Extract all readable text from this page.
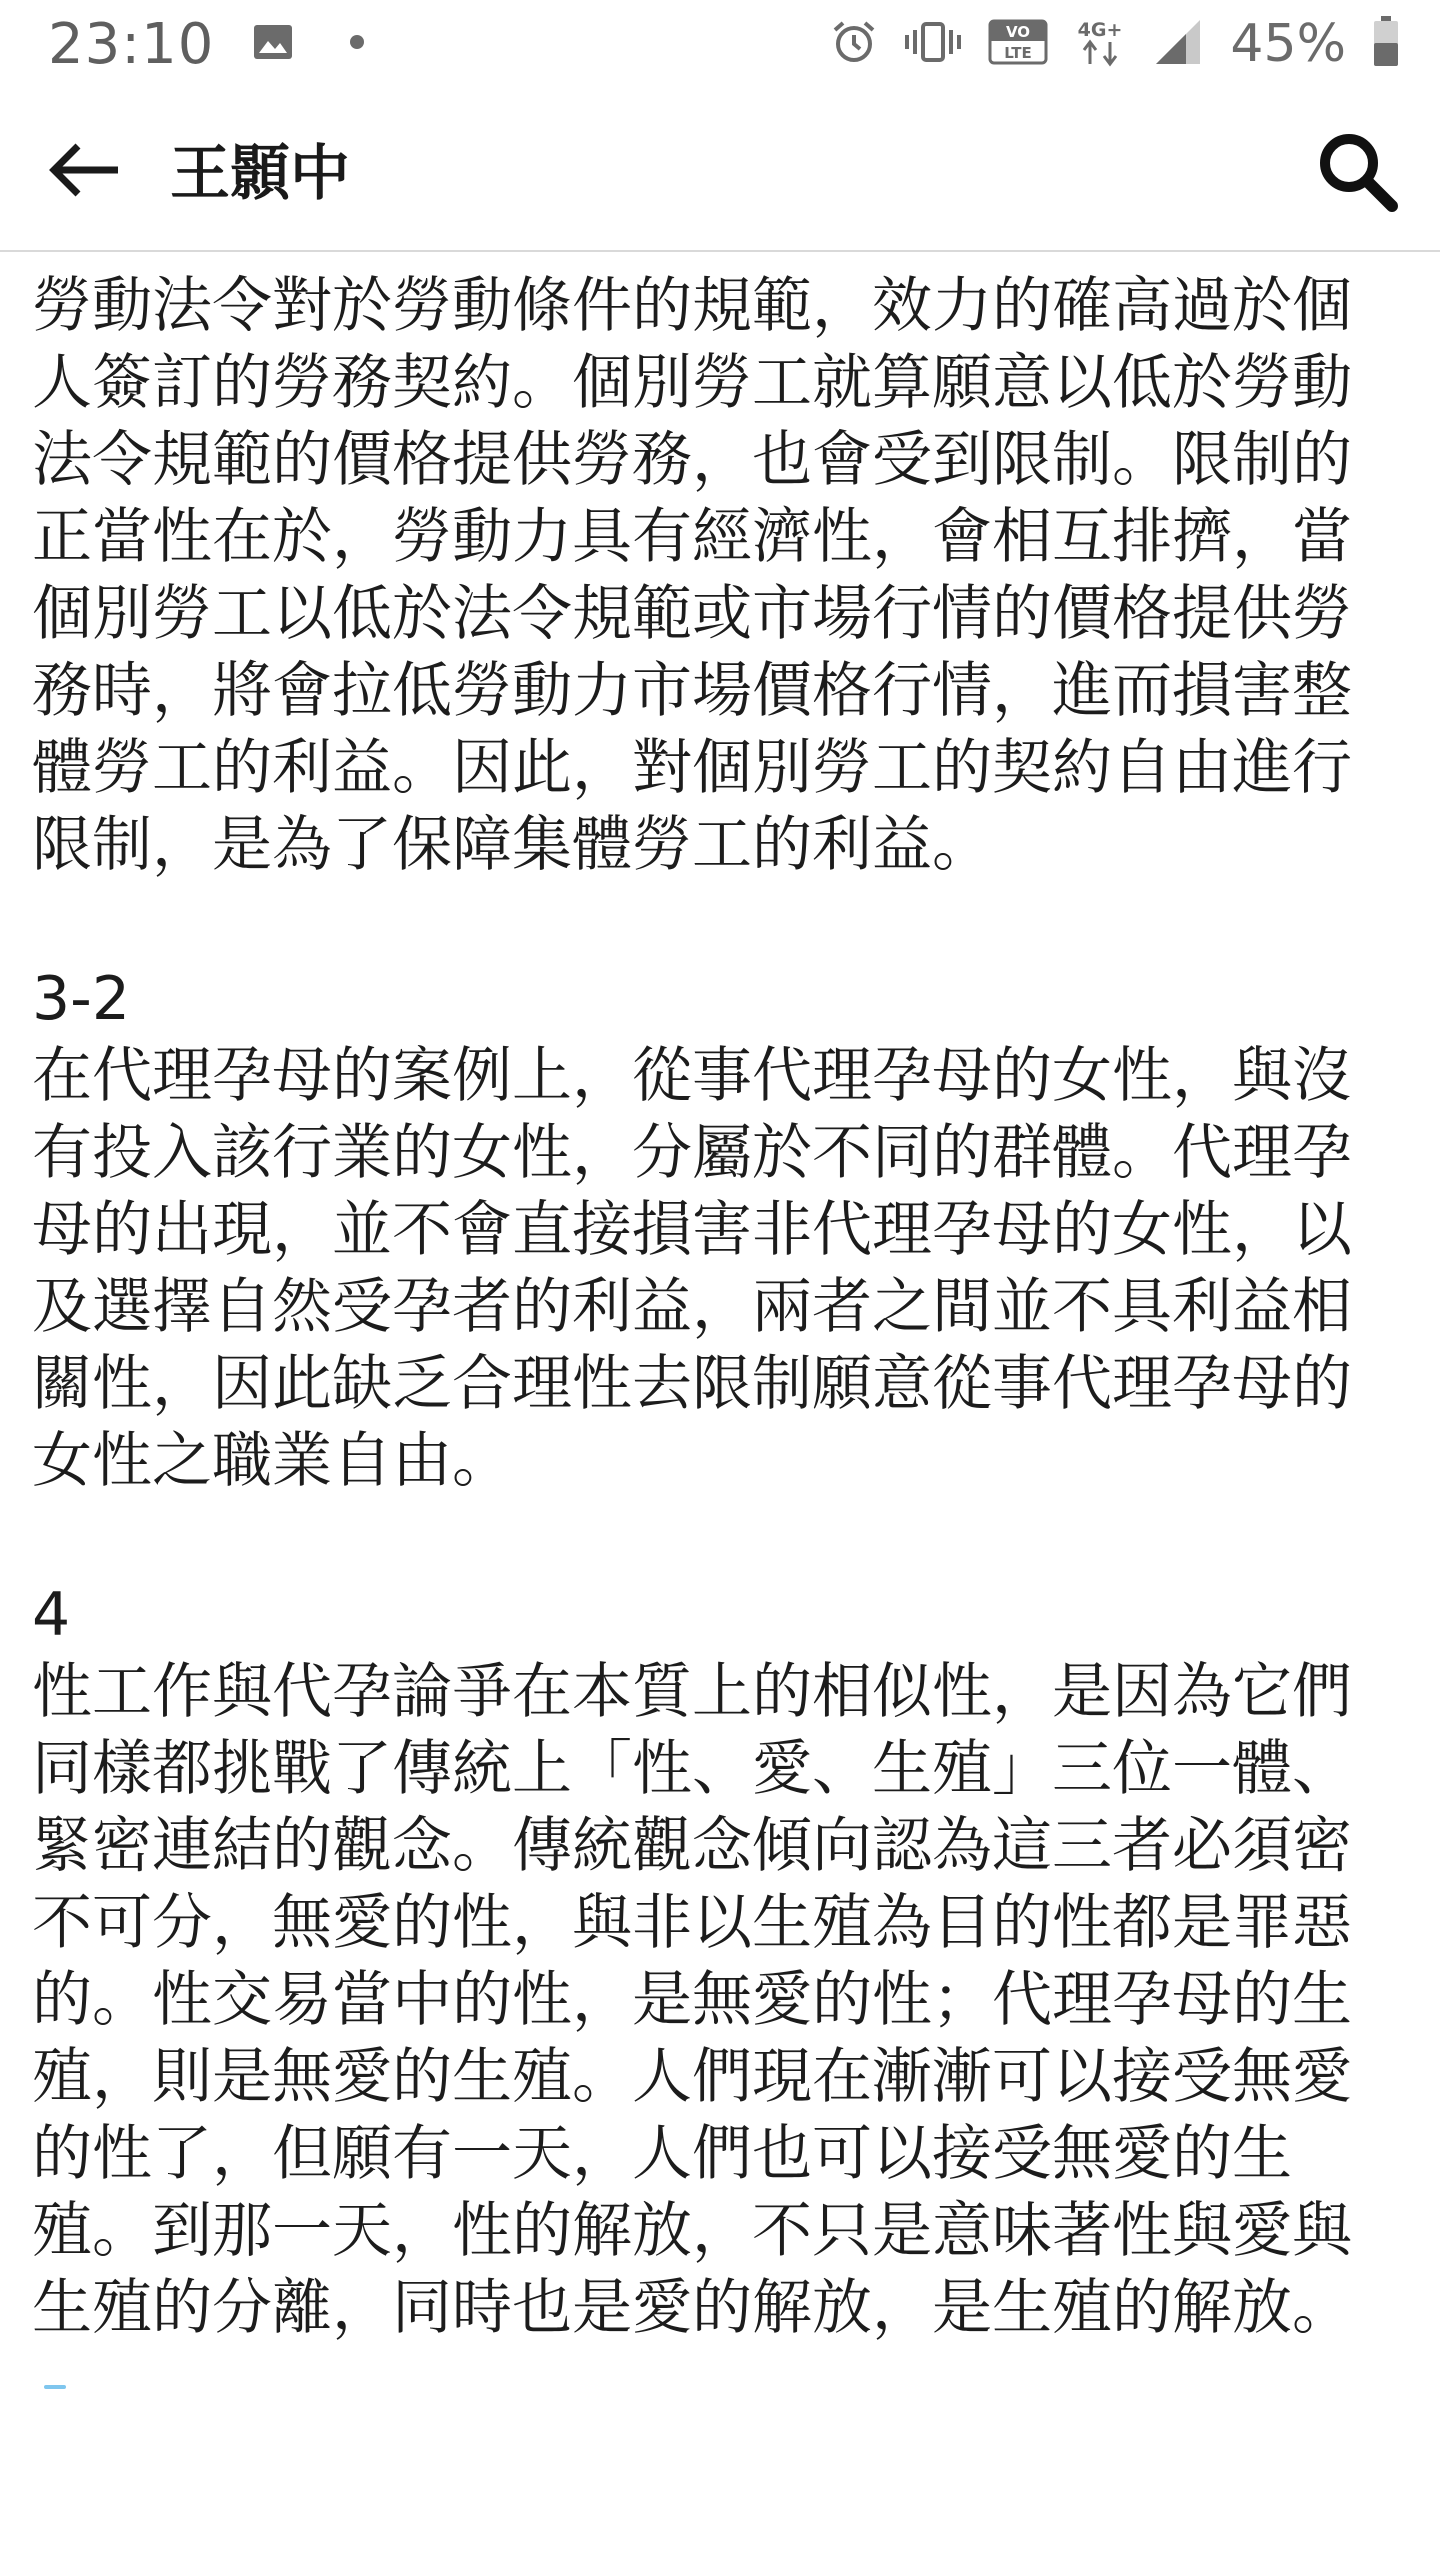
23:10	VO
LTE
4G+ 45%
王顥中

勞動法令對於勞動條件的規範，效力的確高過於個人簽訂的勞務契約。個別勞工就算願意以低於勞動法令規範的價格提供勞務，也會受到限制。限制的正當性在於，勞動力具有經濟性，會相互排擠，當個別勞工以低於法令規範或市場行情的價格提供勞務時，將會拉低勞動力市場價格行情，進而損害整體勞工的利益。因此，對個別勞工的契約自由進行限制，是為了保障集體勞工的利益。

3-2
在代理孕母的案例上，從事代理孕母的女性，與沒有投入該行業的女性，分屬於不同的群體。代理孕母的出現，並不會直接損害非代理孕母的女性，以及選擇自然受孕者的利益，兩者之間並不具利益相關性，因此缺乏合理性去限制願意從事代理孕母的女性之職業自由。

4
性工作與代孕論爭在本質上的相似性，是因為它們同樣都挑戰了傳統上「性、愛、生殖」三位一體、緊密連結的觀念。傳統觀念傾向認為這三者必須密不可分，無愛的性，與非以生殖為目的性都是罪惡的。性交易當中的性，是無愛的性；代理孕母的生殖，則是無愛的生殖。人們現在漸漸可以接受無愛的性了，但願有一天，人們也可以接受無愛的生殖。到那一天，性的解放，不只是意味著性與愛與生殖的分離，同時也是愛的解放，是生殖的解放。
